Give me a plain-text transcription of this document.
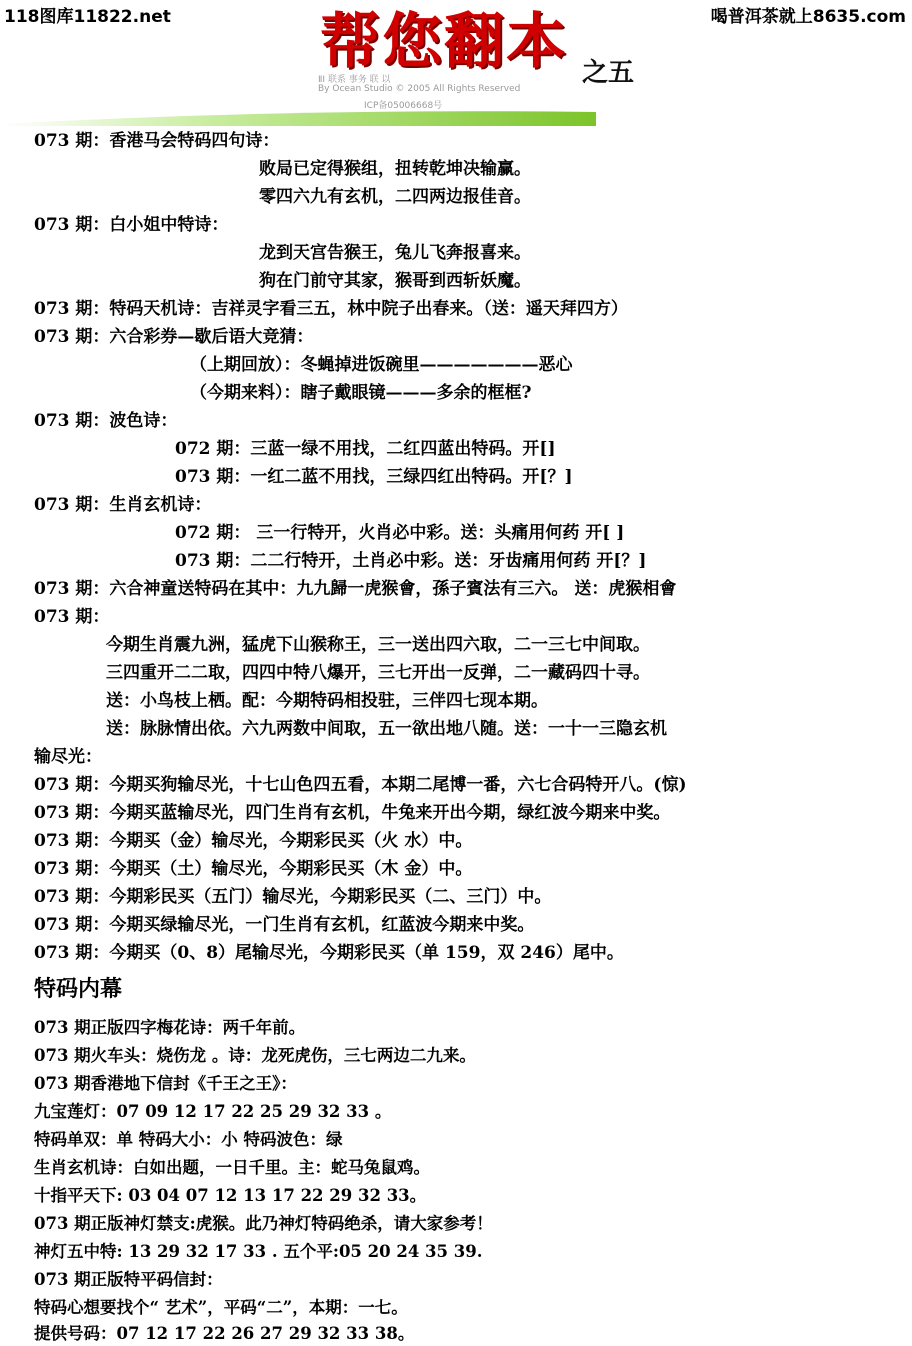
118图库11822.net	喝普洱茶就上8635.com
帮您翻本 之五
ⅡⅠ 联系 事务 联 以
By Ocean Studio © 2005 All Rights Reserved
ICP备05006668号
073 期：香港马会特码四句诗：
败局已定得猴组，扭转乾坤决输赢。
零四六九有玄机，二四两边报佳音。
073 期：白小姐中特诗：
龙到天宫告猴王，兔儿飞奔报喜来。
狗在门前守其家，猴哥到西斩妖魔。
073 期：特码天机诗：吉祥灵字看三五，林中院子出春来。（送：遥天拜四方）
073 期：六合彩券—歇后语大竞猜：
（上期回放）：冬蝇掉进饭碗里———————恶心
（今期来料）：瞎子戴眼镜———多余的框框?
073 期：波色诗：
072 期：三蓝一绿不用找，二红四蓝出特码。开[]
073 期：一红二蓝不用找，三绿四红出特码。开[？]
073 期：生肖玄机诗：
072 期： 三一行特开，火肖必中彩。送：头痛用何药 开[ ]
073 期：二二行特开，土肖必中彩。送：牙齿痛用何药 开[？]
073 期：六合神童送特码在其中：九九歸一虎猴會，孫子賓法有三六。 送：虎猴相會
073 期：
今期生肖震九洲，猛虎下山猴称王，三一送出四六取，二一三七中间取。
三四重开二二取，四四中特八爆开，三七开出一反弹，二一藏码四十寻。
送：小鸟枝上栖。配：今期特码相投驻，三伴四七现本期。
送：脉脉情出依。六九两数中间取，五一欲出地八随。送：一十一三隐玄机
输尽光：
073 期：今期买狗输尽光，十七山色四五看，本期二尾博一番，六七合码特开八。(惊)
073 期：今期买蓝输尽光，四门生肖有玄机，牛兔来开出今期，绿红波今期来中奖。
073 期：今期买（金）输尽光，今期彩民买（火 水）中。
073 期：今期买（土）输尽光，今期彩民买（木 金）中。
073 期：今期彩民买（五门）输尽光，今期彩民买（二、三门）中。
073 期：今期买绿输尽光，一门生肖有玄机，红蓝波今期来中奖。
073 期：今期买（0、8）尾输尽光，今期彩民买（单 159，双 246）尾中。
特码内幕
073 期正版四字梅花诗：两千年前。
073 期火车头：烧伤龙 。诗：龙死虎伤，三七两边二九来。
073 期香港地下信封《千王之王》：
九宝莲灯：07 09 12 17 22 25 29 32 33 。
特码单双：单 特码大小：小 特码波色：绿
生肖玄机诗：白如出题，一日千里。主：蛇马兔鼠鸡。
十指平天下: 03 04 07 12 13 17 22 29 32 33。
073 期正版神灯禁支:虎猴。此乃神灯特码绝杀，请大家参考！
神灯五中特: 13 29 32 17 33 . 五个平:05 20 24 35 39.
073 期正版特平码信封：
特码心想要找个“ 艺术”，平码“二”，本期：一七。
提供号码：07 12 17 22 26 27 29 32 33 38。
